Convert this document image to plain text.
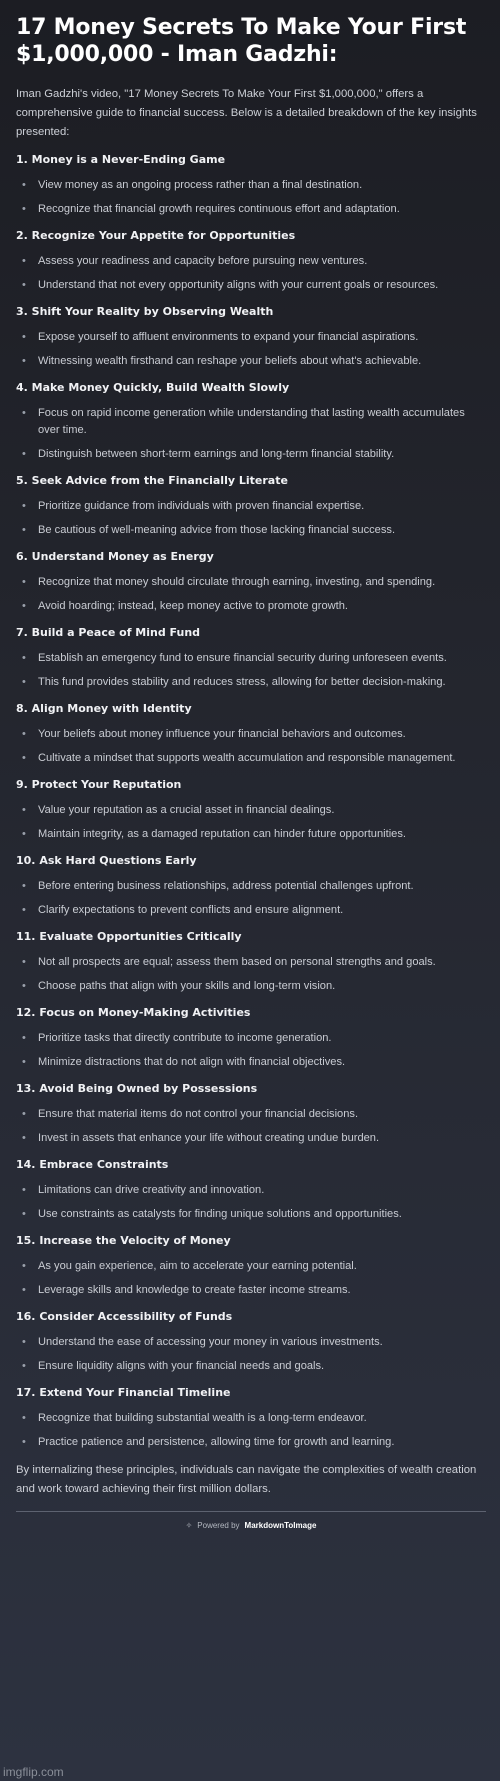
17 Money Secrets To Make Your First $1,000,000 - Iman Gadzhi:

Iman Gadzhi's video, "17 Money Secrets To Make Your First $1,000,000," offers a comprehensive guide to financial success. Below is a detailed breakdown of the key insights presented:

1. Money is a Never-Ending Game
• View money as an ongoing process rather than a final destination.
• Recognize that financial growth requires continuous effort and adaptation.
2. Recognize Your Appetite for Opportunities
• Assess your readiness and capacity before pursuing new ventures.
• Understand that not every opportunity aligns with your current goals or resources.
3. Shift Your Reality by Observing Wealth
• Expose yourself to affluent environments to expand your financial aspirations.
• Witnessing wealth firsthand can reshape your beliefs about what's achievable.
4. Make Money Quickly, Build Wealth Slowly
• Focus on rapid income generation while understanding that lasting wealth accumulates over time.
• Distinguish between short-term earnings and long-term financial stability.
5. Seek Advice from the Financially Literate
• Prioritize guidance from individuals with proven financial expertise.
• Be cautious of well-meaning advice from those lacking financial success.
6. Understand Money as Energy
• Recognize that money should circulate through earning, investing, and spending.
• Avoid hoarding; instead, keep money active to promote growth.
7. Build a Peace of Mind Fund
• Establish an emergency fund to ensure financial security during unforeseen events.
• This fund provides stability and reduces stress, allowing for better decision-making.
8. Align Money with Identity
• Your beliefs about money influence your financial behaviors and outcomes.
• Cultivate a mindset that supports wealth accumulation and responsible management.
9. Protect Your Reputation
• Value your reputation as a crucial asset in financial dealings.
• Maintain integrity, as a damaged reputation can hinder future opportunities.
10. Ask Hard Questions Early
• Before entering business relationships, address potential challenges upfront.
• Clarify expectations to prevent conflicts and ensure alignment.
11. Evaluate Opportunities Critically
• Not all prospects are equal; assess them based on personal strengths and goals.
• Choose paths that align with your skills and long-term vision.
12. Focus on Money-Making Activities
• Prioritize tasks that directly contribute to income generation.
• Minimize distractions that do not align with financial objectives.
13. Avoid Being Owned by Possessions
• Ensure that material items do not control your financial decisions.
• Invest in assets that enhance your life without creating undue burden.
14. Embrace Constraints
• Limitations can drive creativity and innovation.
• Use constraints as catalysts for finding unique solutions and opportunities.
15. Increase the Velocity of Money
• As you gain experience, aim to accelerate your earning potential.
• Leverage skills and knowledge to create faster income streams.
16. Consider Accessibility of Funds
• Understand the ease of accessing your money in various investments.
• Ensure liquidity aligns with your financial needs and goals.
17. Extend Your Financial Timeline
• Recognize that building substantial wealth is a long-term endeavor.
• Practice patience and persistence, allowing time for growth and learning.

By internalizing these principles, individuals can navigate the complexities of wealth creation and work toward achieving their first million dollars.

✧ Powered by MarkdownToImage
imgflip.com
